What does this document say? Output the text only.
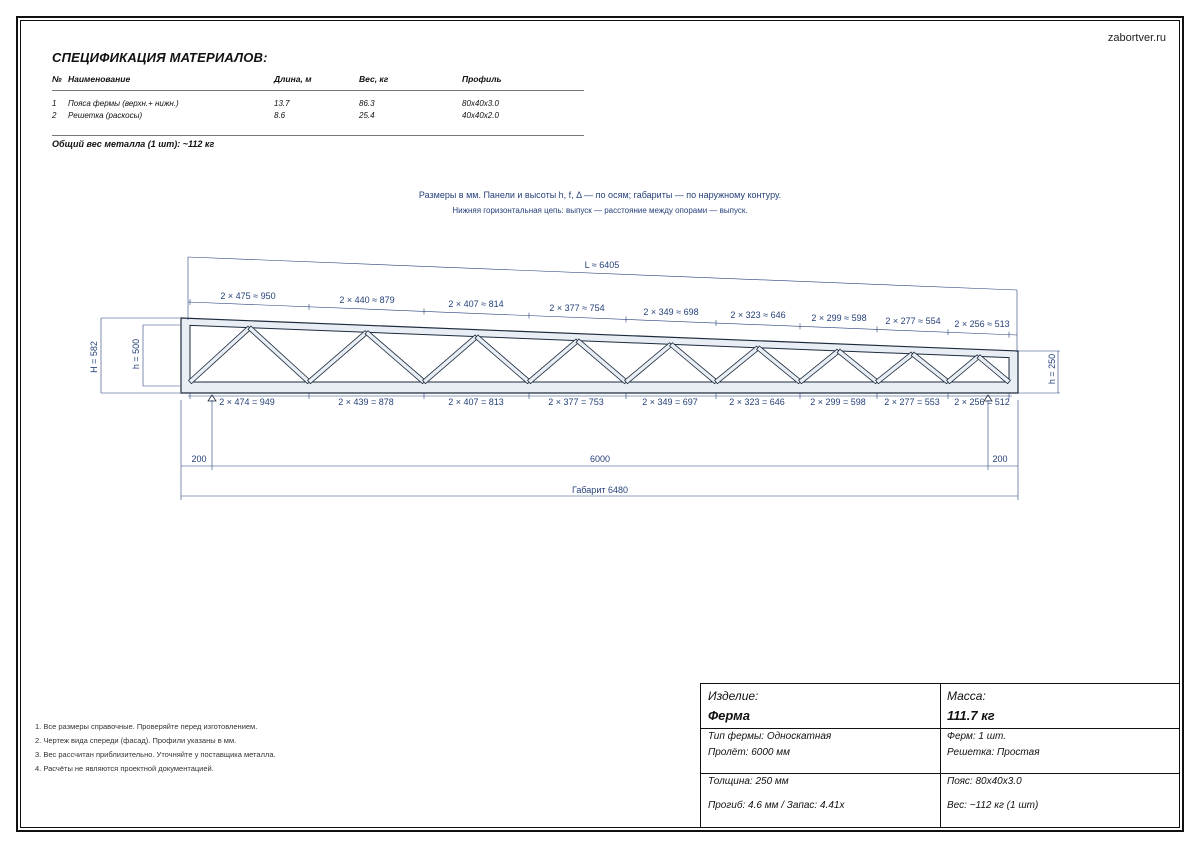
zabortver.ru
СПЕЦИФИКАЦИЯ МАТЕРИАЛОВ:
№ Наименование	Длина, м	Вес, кг	Профиль
1 Пояса фермы (верхн.+ нижн.)	13.7	86.3	80х40х3.0
2 Решетка (раскосы)	8.6	25.4	40х40х2.0
Общий вес металла (1 шт): ~112 кг
Размеры в мм. Панели и высоты h, f, Δ — по осям; габариты — по наружному контуру.
Нижняя горизонтальная цепь: выпуск — расстояние между опорами — выпуск.
L ≈ 6405
2 × 475 ≈ 950	2 × 440 ≈ 879	2 × 407 ≈ 814	2 × 377 ≈ 754	2 × 349 ≈ 698	2 × 323 ≈ 646	2 × 299 ≈ 598 2 × 277 ≈ 554 2 × 256 ≈ 513
2 × 474 = 949	2 × 439 = 878	2 × 407 = 813	2 × 377 = 753	2 × 349 = 697	2 × 323 = 646	2 × 299 = 598 2 × 277 = 553 2 × 256 = 512
H = 582	h = 500	h = 250
200	6000	200
Габарит 6480
1. Все размеры справочные. Проверяйте перед изготовлением.
2. Чертеж вида спереди (фасад). Профили указаны в мм.
3. Вес рассчитан приблизительно. Уточняйте у поставщика металла.
4. Расчёты не являются проектной документацией.
Изделие:
Ферма
Масса:
111.7 кг
Тип фермы: Односкатная
Пролёт: 6000 мм
Ферм: 1 шт.
Решетка: Простая
Толщина: 250 мм	Пояс: 80х40х3.0
Прогиб: 4.6 мм / Запас: 4.41x	Вес: ~112 кг (1 шт)
